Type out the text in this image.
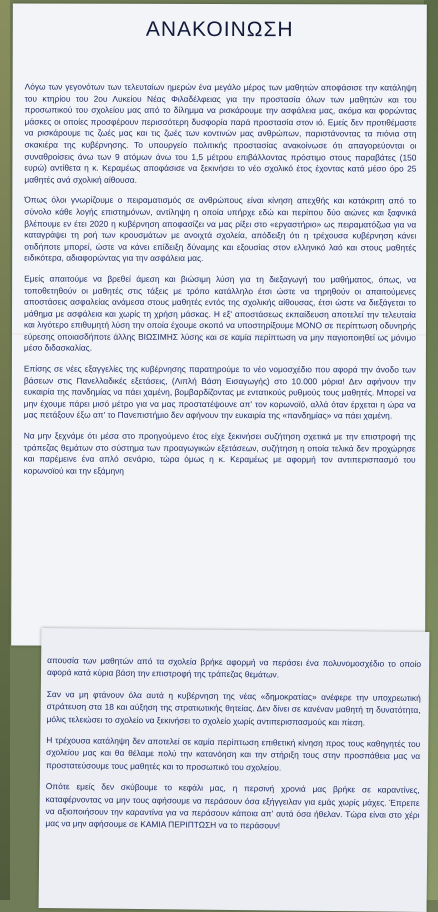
ΑΝΑΚΟΙΝΩΣΗ

Λόγω των γεγονότων των τελευταίων ημερών ένα μεγάλο μέρος των μαθητών αποφάσισε την κατάληψη του κτηρίου του 2ου Λυκείου Νέας Φιλαδέλφειας για την προστασία όλων των μαθητών και του προσωπικού του σχολείου μας από το δίλημμα να ρισκάρουμε την ασφάλεια μας, ακόμα και φορώντας μάσκες οι οποίες προσφέρουν περισσότερη δυσφορία παρά προστασία στον ιό. Εμείς δεν προτιθέμαστε να ρισκάρουμε τις ζωές μας και τις ζωές των κοντινών μας ανθρώπων, παριστάνοντας τα πιόνια στη σκακιέρα της κυβέρνησης. Το υπουργείο πολιτικής προστασίας ανακοίνωσε ότι απαγορεύονται οι συναθροίσεις άνω των 9 ατόμων άνω του 1,5 μέτρου επιβάλλοντας πρόστιμο στους παραβάτες (150 ευρώ) αντίθετα η κ. Κεραμέως αποφάσισε να ξεκινήσει το νέο σχολικό έτος έχοντας κατά μέσο όρο 25 μαθητές ανά σχολική αίθουσα.

Όπως όλοι γνωρίζουμε ο πειραματισμός σε ανθρώπους είναι κίνηση απεχθής και κατάκριτη από το σύνολο κάθε λογής επιστημόνων, αντίληψη η οποία υπήρχε εδώ και περίπου δύο αιώνες και ξαφνικά βλέπουμε εν έτει 2020 η κυβέρνηση αποφασίζει να μας ρίξει στο «εργαστήριο» ως πειραματόζωα για να καταγράψει τη ροή των κρουσμάτων με ανοιχτά σχολεία, απόδειξη ότι η τρέχουσα κυβέρνηση κάνει οτιδήποτε μπορεί, ώστε να κάνει επίδειξη δύναμης και εξουσίας στον ελληνικό λαό και στους μαθητές ειδικότερα, αδιαφορώντας για την ασφάλεια μας.

Εμείς απαιτούμε να βρεθεί άμεση και βιώσιμη λύση για τη διεξαγωγή του μαθήματος, όπως, να τοποθετηθούν οι μαθητές στις τάξεις με τρόπο κατάλληλο έτσι ώστε να τηρηθούν οι απαιτούμενες αποστάσεις ασφαλείας ανάμεσα στους μαθητές εντός της σχολικής αίθουσας, έτσι ώστε να διεξάγεται το μάθημα με ασφάλεια και χωρίς τη χρήση μάσκας. Η εξ' αποστάσεως εκπαίδευση αποτελεί την τελευταία και λιγότερο επιθυμητή λύση την οποία έχουμε σκοπό να υποστηρίξουμε ΜΟΝΟ σε περίπτωση οδυνηρής εύρεσης οποιασδήποτε άλλης ΒΙΩΣΙΜΗΣ λύσης και σε καμία περίπτωση να μην παγιοποιηθεί ως μόνιμο μέσο διδασκαλίας.

Επίσης σε νέες εξαγγελίες της κυβέρνησης παρατηρούμε το νέο νομοσχέδιο που αφορά την άνοδο των βάσεων στις Πανελλαδικές εξετάσεις, (Λιπλή Βάση Εισαγωγής) στο 10.000 μόρια! Δεν αφήνουν την ευκαιρία της πανδημίας να πάει χαμένη, βομβαρδίζοντας με εντατικούς ρυθμούς τους μαθητές. Μπορεί να μην έχουμε πάρει μισό μέτρο για να μας προστατέψουνε απ' τον κορωνοϊό, αλλά όταν έρχεται η ώρα να μας πετάξουν έξω απ' το Πανεπιστήμιο δεν αφήνουν την ευκαιρία της «πανδημίας» να πάει χαμένη.

Να μην ξεχνάμε ότι μέσα στο προηγούμενο έτος είχε ξεκινήσει συζήτηση σχετικά με την επιστροφή της τράπεζας θεμάτων στο σύστημα των προαγωγικών εξετάσεων, συζήτηση η οποία τελικά δεν προχώρησε και παρέμεινε ένα απλό σενάριο, τώρα όμως η κ. Κεραμέως με αφορμή τον αντιπερισπασμό του κορωνοϊού και την εξάμηνη

απουσία των μαθητών από τα σχολεία βρήκε αφορμή να περάσει ένα πολυνομοσχέδιο το οποίο αφορά κατά κύρια βάση την επιστροφή της τράπεζας θεμάτων.

Σαν να μη φτάνουν όλα αυτά η κυβέρνηση της νέας «δημοκρατίας» ανέφερε την υποχρεωτική στράτευση στα 18 και αύξηση της στρατιωτικής θητείας. Δεν δίνει σε κανέναν μαθητή τη δυνατότητα, μόλις τελειώσει το σχολείο να ξεκινήσει το σχολείο χωρίς αντιπερισπασμούς και πίεση.

Η τρέχουσα κατάληψη δεν αποτελεί σε καμία περίπτωση επιθετική κίνηση προς τους καθηγητές του σχολείου μας και θα θέλαμε πολύ την κατανόηση και την στήριξη τους στην προσπάθεια μας να προστατεύσουμε τους μαθητές και το προσωπικό του σχολείου.

Οπότε εμείς δεν σκύβουμε το κεφάλι μας, η περσινή χρονιά μας βρήκε σε καραντίνες, καταφέρνοντας να μην τους αφήσουμε να περάσουν όσα εξήγγειλαν για εμάς χωρίς μάχες. Έπρεπε να αξιοποιήσουν την καραντίνα για να περάσουν κάποια απ' αυτά όσα ήθελαν. Τώρα είναι στο χέρι μας να μην αφήσουμε σε ΚΑΜΙΑ ΠΕΡΙΠΤΩΣΗ να το περάσουν!
